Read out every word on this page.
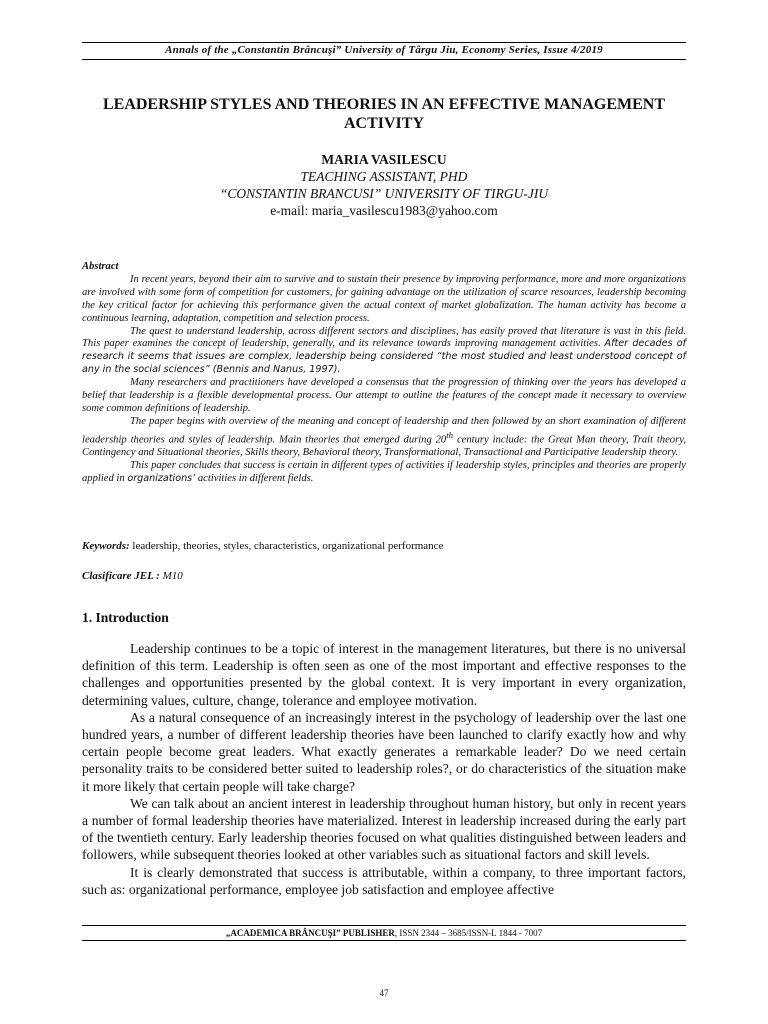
Annals of the „Constantin Brâncuşi” University of Târgu Jiu, Economy Series, Issue 4/2019
LEADERSHIP STYLES AND THEORIES IN AN EFFECTIVE MANAGEMENT ACTIVITY
MARIA VASILESCU
TEACHING ASSISTANT, PHD
“CONSTANTIN BRANCUSI” UNIVERSITY OF TIRGU-JIU
e-mail: maria_vasilescu1983@yahoo.com
Abstract

In recent years, beyond their aim to survive and to sustain their presence by improving performance, more and more organizations are involved with some form of competition for customers, for gaining advantage on the utilization of scarce resources, leadership becoming the key critical factor for achieving this performance given the actual context of market globalization. The human activity has become a continuous learning, adaptation, competition and selection process.

The quest to understand leadership, across different sectors and disciplines, has easily proved that literature is vast in this field. This paper examines the concept of leadership, generally, and its relevance towards improving management activities. After decades of research it seems that issues are complex, leadership being considered “the most studied and least understood concept of any in the social sciences” (Bennis and Nanus, 1997).

Many researchers and practitioners have developed a consensus that the progression of thinking over the years has developed a belief that leadership is a flexible developmental process. Our attempt to outline the features of the concept made it necessary to overview some common definitions of leadership.

The paper begins with overview of the meaning and concept of leadership and then followed by an short examination of different leadership theories and styles of leadership. Main theories that emerged during 20th century include: the Great Man theory, Trait theory, Contingency and Situational theories, Skills theory, Behavioral theory, Transformational, Transactional and Participative leadership theory.

This paper concludes that success is certain in different types of activities if leadership styles, principles and theories are properly applied in organizations’ activities in different fields.

Keywords: leadership, theories, styles, characteristics, organizational performance
Clasificare JEL : M10
1. Introduction

Leadership continues to be a topic of interest in the management literatures, but there is no universal definition of this term. Leadership is often seen as one of the most important and effective responses to the challenges and opportunities presented by the global context. It is very important in every organization, determining values, culture, change, tolerance and employee motivation.

As a natural consequence of an increasingly interest in the psychology of leadership over the last one hundred years, a number of different leadership theories have been launched to clarify exactly how and why certain people become great leaders. What exactly generates a remarkable leader? Do we need certain personality traits to be considered better suited to leadership roles?, or do characteristics of the situation make it more likely that certain people will take charge?

We can talk about an ancient interest in leadership throughout human history, but only in recent years a number of formal leadership theories have materialized. Interest in leadership increased during the early part of the twentieth century. Early leadership theories focused on what qualities distinguished between leaders and followers, while subsequent theories looked at other variables such as situational factors and skill levels.

It is clearly demonstrated that success is attributable, within a company, to three important factors, such as: organizational performance, employee job satisfaction and employee affective

„ACADEMICA BRÂNCUŞI” PUBLISHER, ISSN 2344 – 3685/ISSN-L 1844 - 7007
47
